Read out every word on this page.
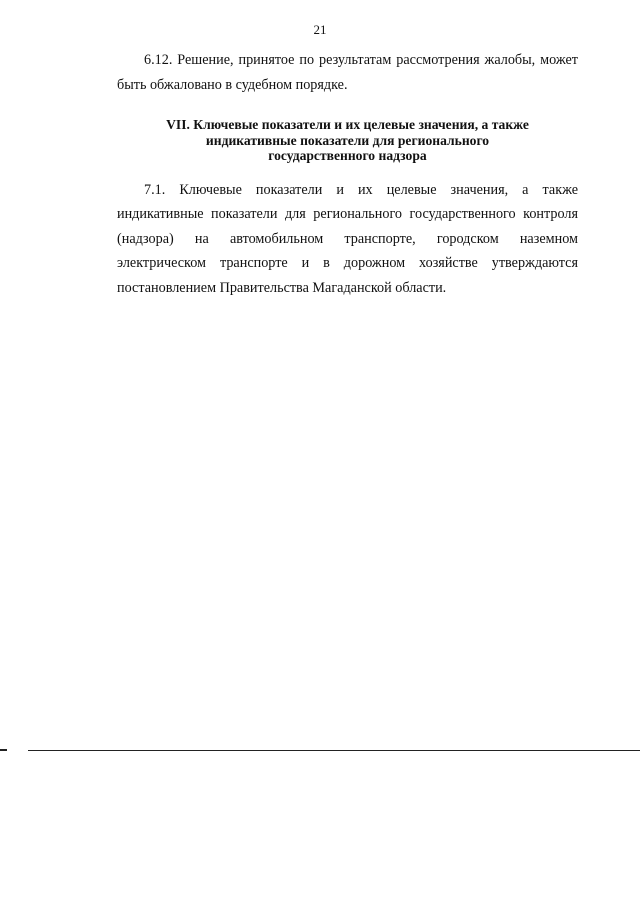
21

6.12. Решение, принятое по результатам рассмотрения жалобы, может быть обжаловано в судебном порядке.

VII. Ключевые показатели и их целевые значения, а также
индикативные показатели для регионального
государственного надзора

7.1. Ключевые показатели и их целевые значения, а также индикативные показатели для регионального государственного контроля (надзора) на автомобильном транспорте, городском наземном электрическом транспорте и в дорожном хозяйстве утверждаются постановлением Правительства Магаданской области.
